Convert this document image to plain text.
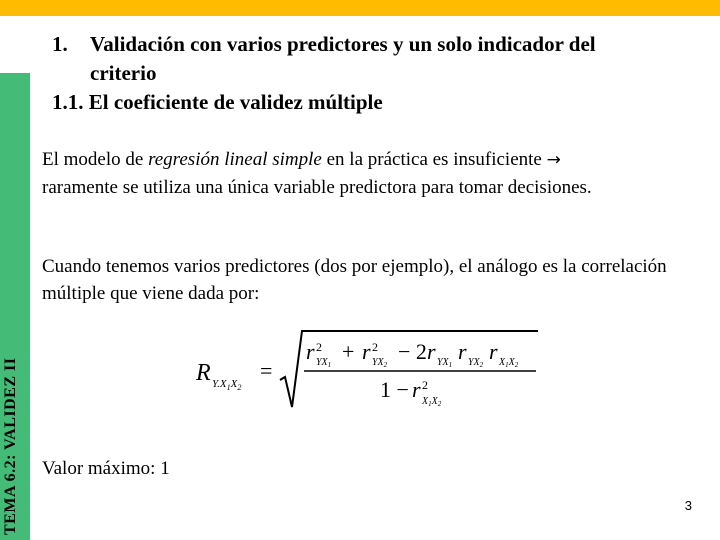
TEMA 6.2: VALIDEZ II
1. Validación con varios predictores y un solo indicador del
criterio
1.1. El coeficiente de validez múltiple
El modelo de regresión lineal simple en la práctica es insuficiente →
raramente se utiliza una única variable predictora para tomar decisiones.
Cuando tenemos varios predictores (dos por ejemplo), el análogo es la correlación múltiple que viene dada por:
R $Y.X_1X_2$
=
r 2
$YX_1$
+ r 2
$YX_2$
− 2 r $YX_1$
r $YX_2$
r $X_1X_2$
1 − r 2
$X_1X_2$
Valor máximo: 1
3
